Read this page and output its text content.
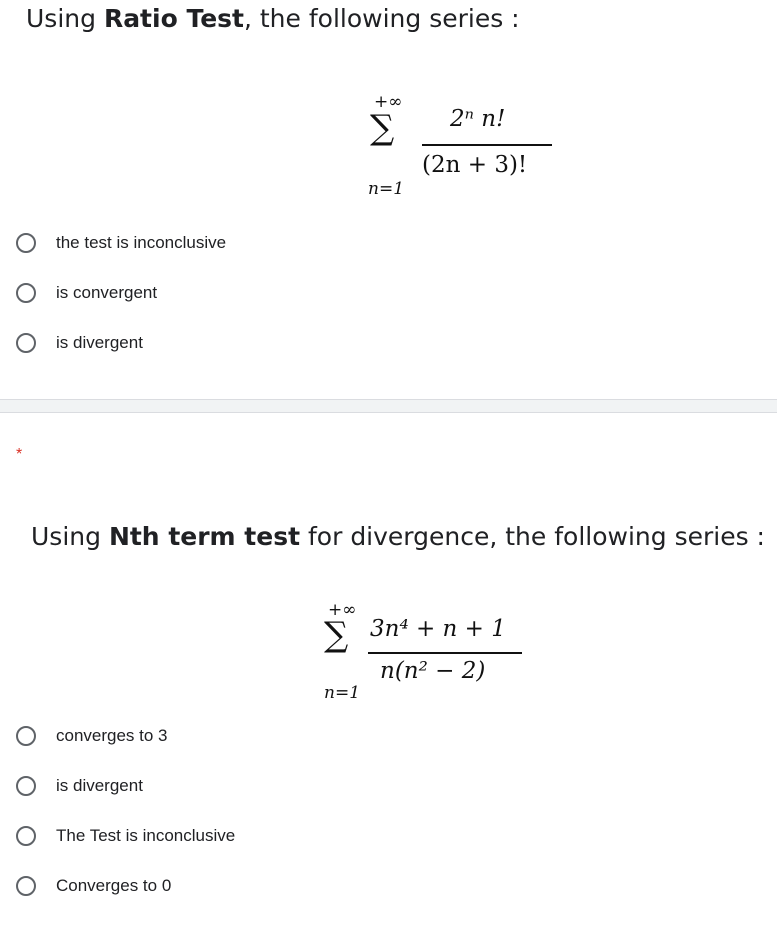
Using Ratio Test, the following series :
+∞
∑
n=1
2ⁿ n!
(2n + 3)!
the test is inconclusive
is convergent
is divergent
*
Using Nth term test for divergence, the following series :
+∞
∑
n=1
3n⁴ + n + 1
n(n² − 2)
converges to 3
is divergent
The Test is inconclusive
Converges to 0
